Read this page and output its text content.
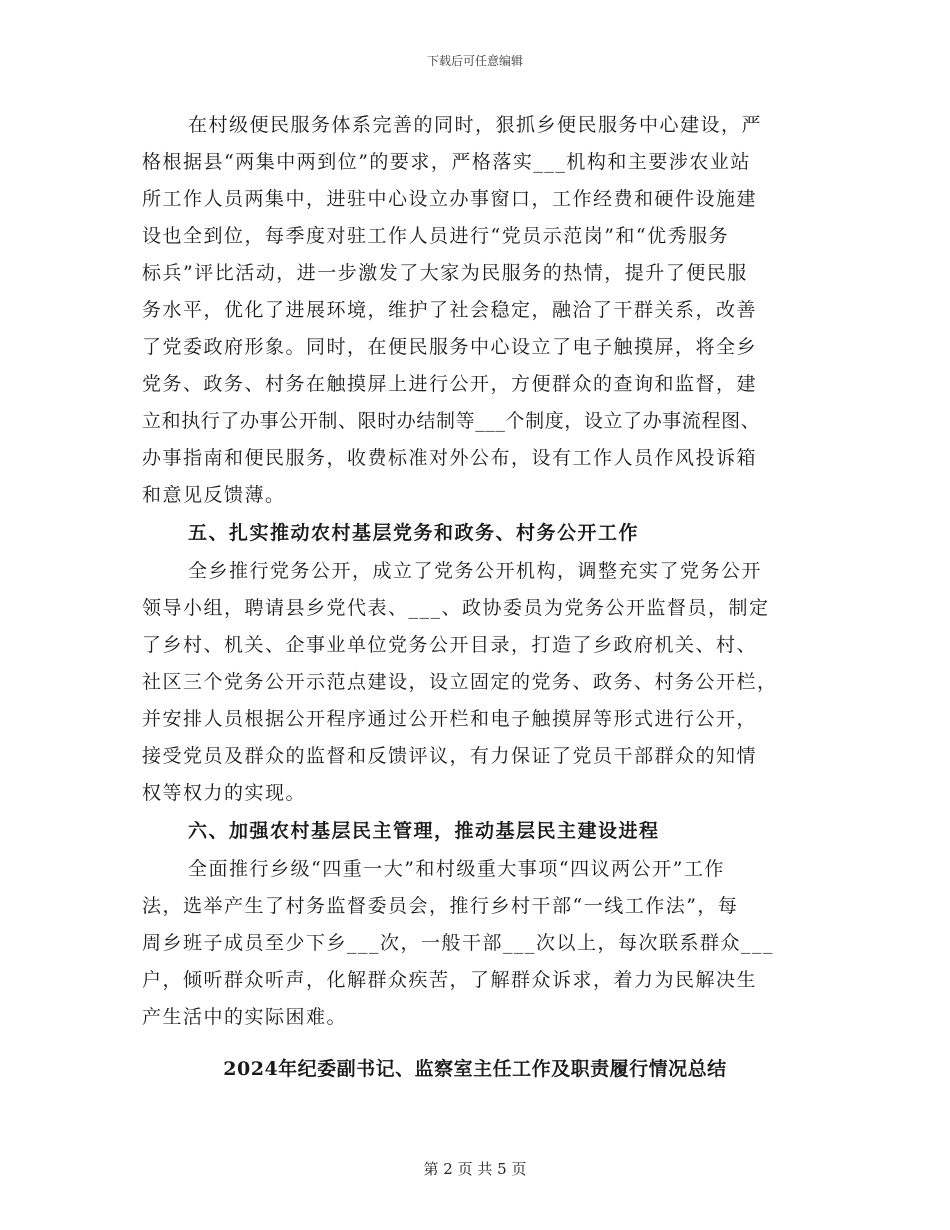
下载后可任意编辑
在村级便民服务体系完善的同时，狠抓乡便民服务中心建设，严
格根据县“两集中两到位”的要求，严格落实___机构和主要涉农业站
所工作人员两集中，进驻中心设立办事窗口，工作经费和硬件设施建
设也全到位，每季度对驻工作人员进行“党员示范岗”和“优秀服务
标兵”评比活动，进一步激发了大家为民服务的热情，提升了便民服
务水平，优化了进展环境，维护了社会稳定，融洽了干群关系，改善
了党委政府形象。同时，在便民服务中心设立了电子触摸屏，将全乡
党务、政务、村务在触摸屏上进行公开，方便群众的查询和监督，建
立和执行了办事公开制、限时办结制等___个制度，设立了办事流程图、
办事指南和便民服务，收费标准对外公布，设有工作人员作风投诉箱
和意见反馈薄。
五、扎实推动农村基层党务和政务、村务公开工作
全乡推行党务公开，成立了党务公开机构，调整充实了党务公开
领导小组，聘请县乡党代表、___、政协委员为党务公开监督员，制定
了乡村、机关、企事业单位党务公开目录，打造了乡政府机关、村、
社区三个党务公开示范点建设，设立固定的党务、政务、村务公开栏，
并安排人员根据公开程序通过公开栏和电子触摸屏等形式进行公开，
接受党员及群众的监督和反馈评议，有力保证了党员干部群众的知情
权等权力的实现。
六、加强农村基层民主管理，推动基层民主建设进程
全面推行乡级“四重一大”和村级重大事项“四议两公开”工作
法，选举产生了村务监督委员会，推行乡村干部“一线工作法”，每
周乡班子成员至少下乡___次，一般干部___次以上，每次联系群众___
户，倾听群众听声，化解群众疾苦，了解群众诉求，着力为民解决生
产生活中的实际困难。
2024年纪委副书记、监察室主任工作及职责履行情况总结
第 2 页 共 5 页
